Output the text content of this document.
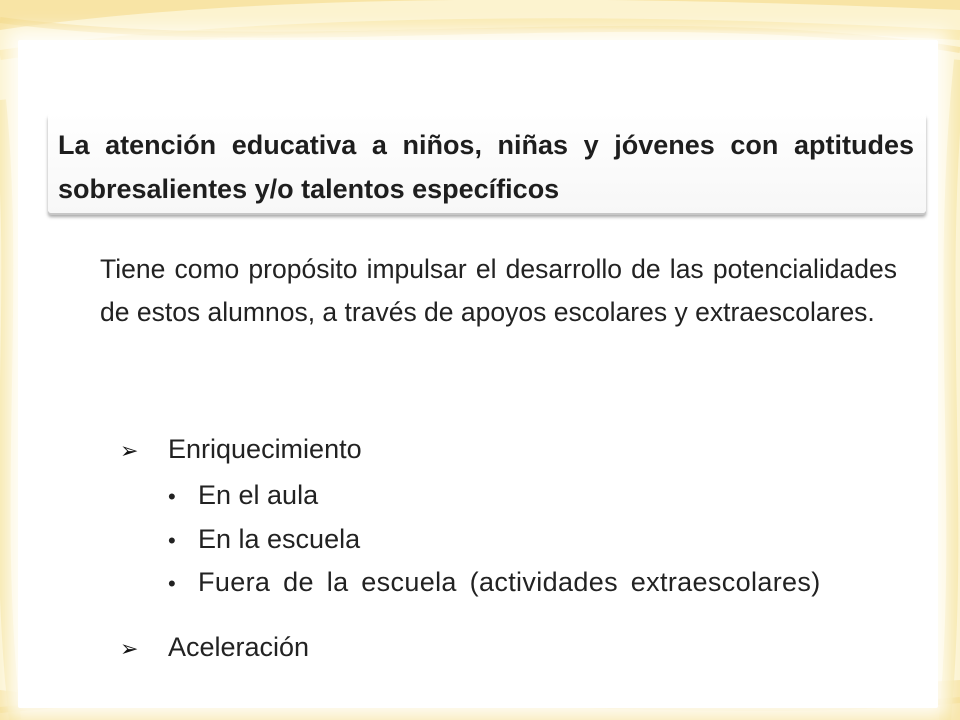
La atención educativa a niños, niñas y jóvenes con aptitudes sobresalientes y/o talentos específicos

Tiene como propósito impulsar el desarrollo de las potencialidades de estos alumnos, a través de apoyos escolares y extraescolares.

➢ Enriquecimiento
• En el aula
• En la escuela
• Fuera de la escuela (actividades extraescolares)
➢ Aceleración
